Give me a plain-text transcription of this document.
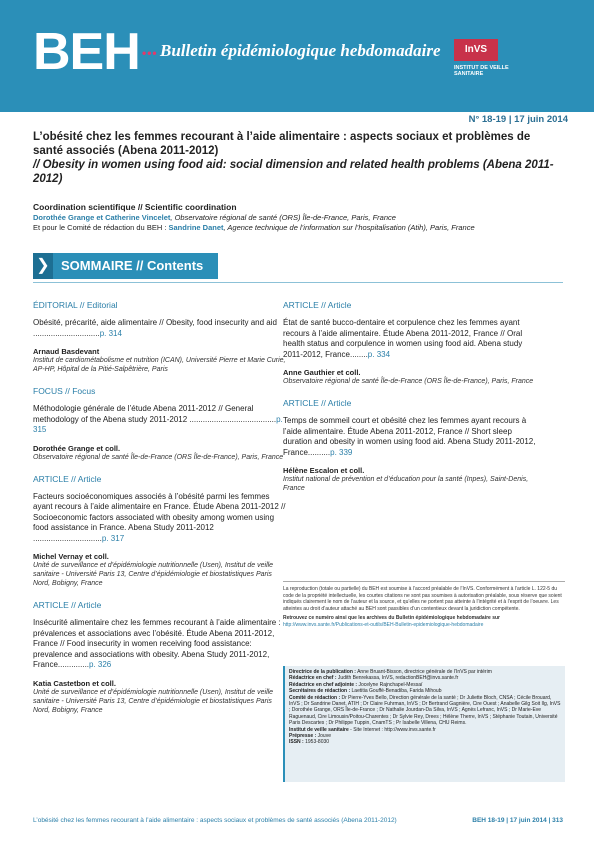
BEH ••• Bulletin épidémiologique hebdomadaire	InVS
INSTITUT DE VEILLE SANITAIRE
N° 18-19 | 17 juin 2014
L’obésité chez les femmes recourant à l’aide alimentaire : aspects sociaux et problèmes de santé associés (Abena 2011-2012)
// Obesity in women using food aid: social dimension and related health problems (Abena 2011-2012)
Coordination scientifique // Scientific coordination
Dorothée Grange et Catherine Vincelet, Observatoire régional de santé (ORS) Île-de-France, Paris, France
Et pour le Comité de rédaction du BEH : Sandrine Danet, Agence technique de l’information sur l’hospitalisation (Atih), Paris, France
❯ SOMMAIRE // Contents
ÉDITORIAL // Editorial
Obésité, précarité, aide alimentaire // Obesity, food insecurity and aid ..............................p. 314
Arnaud Basdevant
Institut de cardiométabolisme et nutrition (ICAN), Université Pierre et Marie Curie, AP-HP, Hôpital de la Pitié-Salpêtrière, Paris
FOCUS // Focus
Méthodologie générale de l’étude Abena 2011-2012 // General methodology of the Abena study 2011-2012 .......................................p. 315
Dorothée Grange et coll.
Observatoire régional de santé Île-de-France (ORS Île-de-France), Paris, France
ARTICLE // Article
Facteurs socioéconomiques associés à l’obésité parmi les femmes ayant recours à l’aide alimentaire en France. Étude Abena 2011-2012 // Socioeconomic factors associated with obesity among women using food assistance in France. Abena Study 2011-2012 ...............................p. 317
Michel Vernay et coll.
Unité de surveillance et d’épidémiologie nutritionnelle (Usen), Institut de veille sanitaire - Université Paris 13, Centre d’épidémiologie et biostatistiques Paris Nord, Bobigny, France
ARTICLE // Article
Insécurité alimentaire chez les femmes recourant à l’aide alimentaire : prévalences et associations avec l’obésité. Étude Abena 2011-2012, France // Food insecurity in women receiving food assistance: prevalence and associations with obesity. Abena Study 2011-2012, France..............p. 326
Katia Castetbon et coll.
Unité de surveillance et d’épidémiologie nutritionnelle (Usen), Institut de veille sanitaire - Université Paris 13, Centre d’épidémiologie et biostatistiques Paris Nord, Bobigny, France
ARTICLE // Article
État de santé bucco-dentaire et corpulence chez les femmes ayant recours à l’aide alimentaire. Étude Abena 2011-2012, France // Oral health status and corpulence in women using food aid. Abena study 2011-2012, France........p. 334
Anne Gauthier et coll.
Observatoire régional de santé Île-de-France (ORS Île-de-France), Paris, France
ARTICLE // Article
Temps de sommeil court et obésité chez les femmes ayant recours à l’aide alimentaire. Étude Abena 2011-2012, France // Short sleep duration and obesity in women using food aid. Abena Study 2011-2012, France..........p. 339
Hélène Escalon et coll.
Institut national de prévention et d’éducation pour la santé (Inpes), Saint-Denis, France
La reproduction (totale ou partielle) du BEH est soumise à l’accord préalable de l’InVS. Conformément à l’article L. 122-5 du code de la propriété intellectuelle, les courtes citations ne sont pas soumises à autorisation préalable, sous réserve que soient indiqués clairement le nom de l’auteur et la source, et qu’elles ne portent pas atteinte à l’intégrité et à l’esprit de l’oeuvre. Les atteintes au droit d’auteur attaché au BEH sont passibles d’un contentieux devant la juridiction compétente.
Retrouvez ce numéro ainsi que les archives du Bulletin épidémiologique hebdomadaire sur
http://www.invs.sante.fr/Publications-et-outils/BEH-Bulletin-epidemiologique-hebdomadaire
Directrice de la publication : Anne Bruant-Bisson, directrice générale de l’InVS par intérim
Rédactrice en chef : Judith Benrekassa, InVS, redactionBEH@invs.sante.fr
Rédactrice en chef adjointe : Jocelyne Rajnchapel-Messaï
Secrétaires de rédaction : Laetitia Gouffé-Benadiba, Farida Mihoub
Comité de rédaction : Dr Pierre-Yves Bello, Direction générale de la santé ; Dr Juliette Bloch, CNSA ; Cécile Brouard, InVS ; Dr Sandrine Danet, ATIH ; Dr Claire Fuhrman, InVS ; Dr Bertrand Gagnière, Cire Ouest ; Anabelle Gilg Soit Ilg, InVS ; Dorothée Grange, ORS Île-de-France ; Dr Nathalie Jourdan-Da Silva, InVS ; Agnès Lefranc, InVS ; Dr Marie-Eve Raguenaud, Cire Limousin/Poitou-Charentes ; Dr Sylvie Rey, Drees ; Hélène Therre, InVS ; Stéphanie Toutain, Université Paris Descartes ; Dr Philippe Tuppin, CnamTS ; Pr Isabelle Villena, CHU Reims.
Institut de veille sanitaire - Site Internet : http://www.invs.sante.fr
Prépresse : Jouve
ISSN : 1953-8030
L’obésité chez les femmes recourant à l’aide alimentaire : aspects sociaux et problèmes de santé associés (Abena 2011-2012)	BEH 18-19 | 17 juin 2014 | 313
